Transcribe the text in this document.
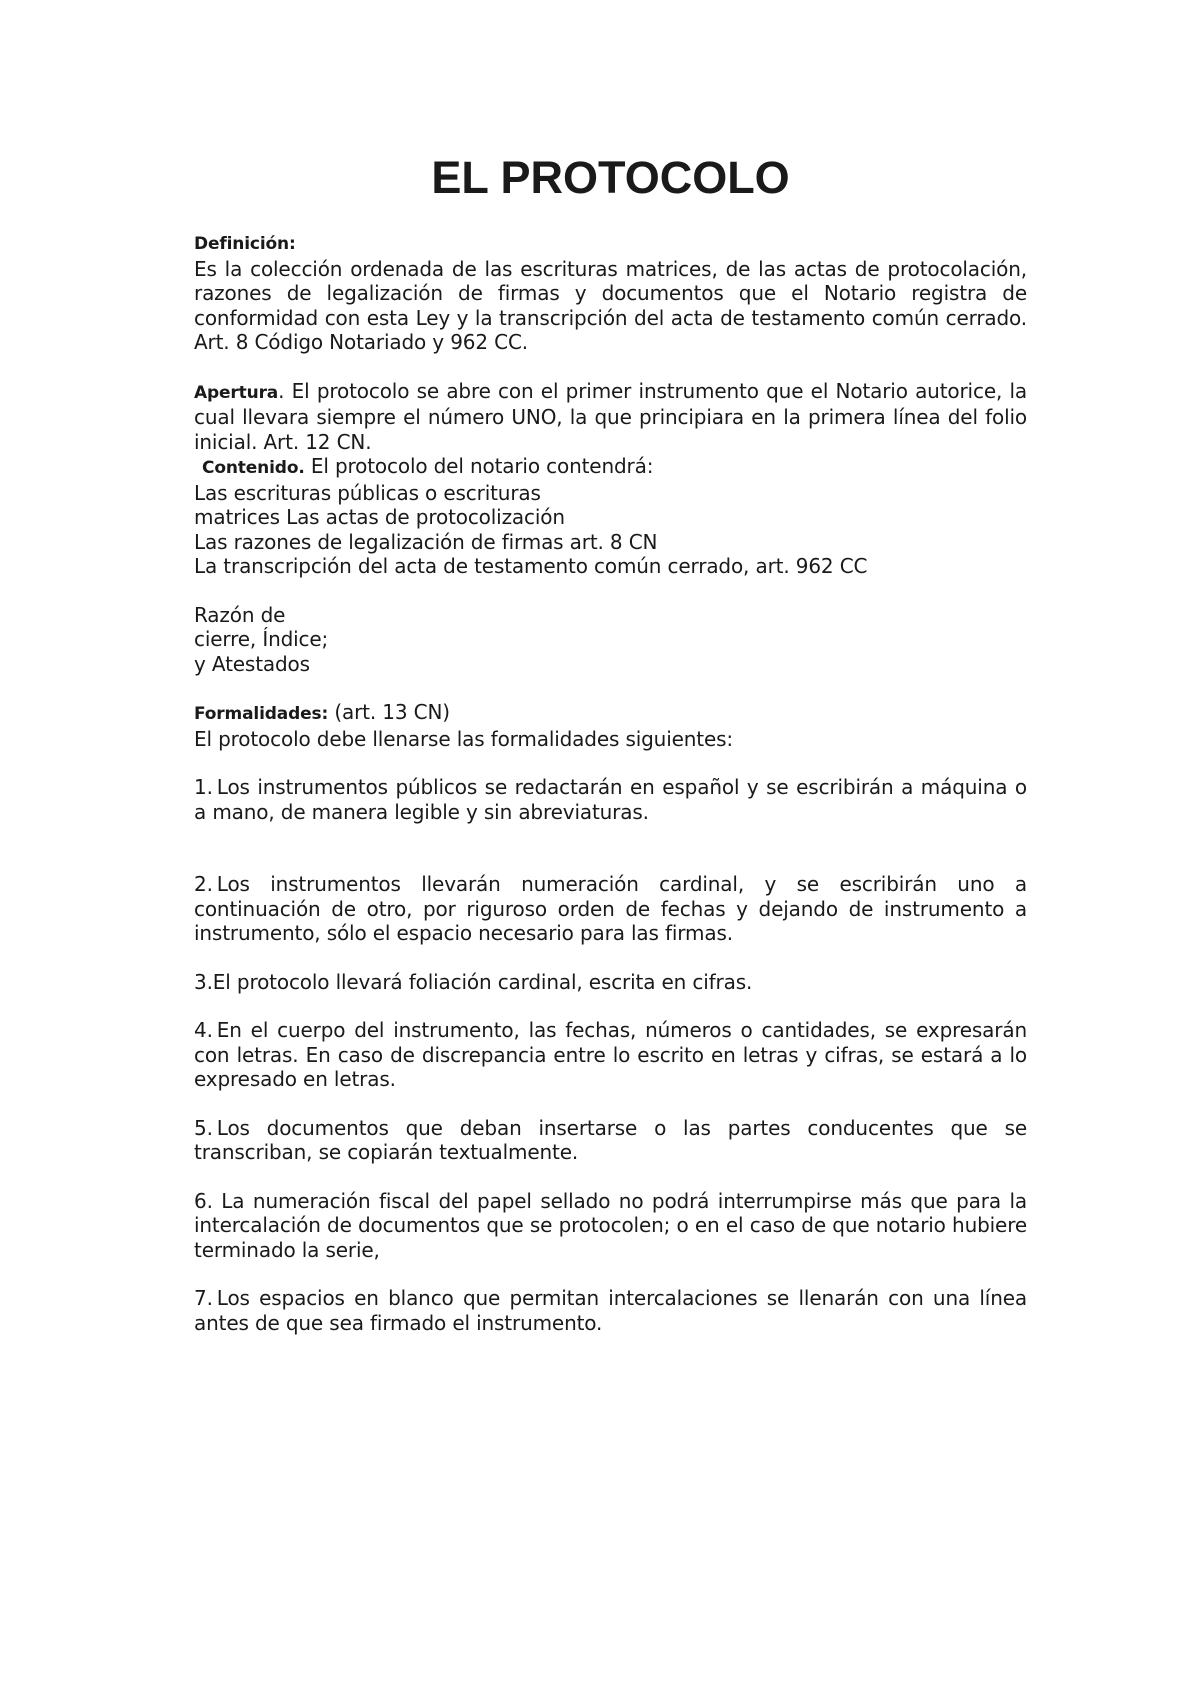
EL PROTOCOLO
Definición:

Es la colección ordenada de las escrituras matrices, de las actas de protocolación, razones de legalización de firmas y documentos que el Notario registra de conformidad con esta Ley y la transcripción del acta de testamento común cerrado. Art. 8 Código Notariado y 962 CC.

Apertura. El protocolo se abre con el primer instrumento que el Notario autorice, la cual llevara siempre el número UNO, la que principiara en la primera línea del folio inicial. Art. 12 CN.

Contenido. El protocolo del notario contendrá:

Las escrituras públicas o escrituras
matrices Las actas de protocolización
Las razones de legalización de firmas art. 8 CN
La transcripción del acta de testamento común cerrado, art. 962 CC
Razón de
cierre, Índice;
y Atestados

Formalidades: (art. 13 CN)

El protocolo debe llenarse las formalidades siguientes:

1. Los instrumentos públicos se redactarán en español y se escribirán a máquina o a mano, de manera legible y sin abreviaturas.

2. Los instrumentos llevarán numeración cardinal, y se escribirán uno a continuación de otro, por riguroso orden de fechas y dejando de instrumento a instrumento, sólo el espacio necesario para las firmas.

3.El protocolo llevará foliación cardinal, escrita en cifras.

4. En el cuerpo del instrumento, las fechas, números o cantidades, se expresarán con letras. En caso de discrepancia entre lo escrito en letras y cifras, se estará a lo expresado en letras.

5. Los documentos que deban insertarse o las partes conducentes que se transcriban, se copiarán textualmente.

6. La numeración fiscal del papel sellado no podrá interrumpirse más que para la intercalación de documentos que se protocolen; o en el caso de que notario hubiere terminado la serie,

7. Los espacios en blanco que permitan intercalaciones se llenarán con una línea antes de que sea firmado el instrumento.
